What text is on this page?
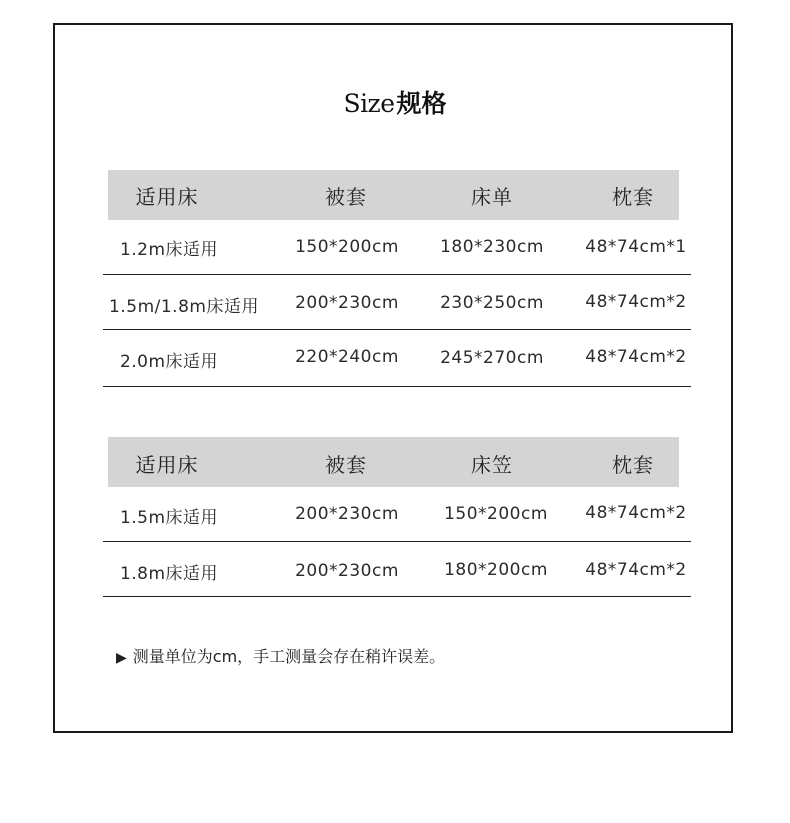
Size规格
适用床	被套	床单	枕套
1.2m床适用	150*200cm 180*230cm 48*74cm*1
1.5m/1.8m床适用 200*230cm 230*250cm 48*74cm*2
2.0m床适用	220*240cm 245*270cm 48*74cm*2
适用床	被套	床笠	枕套
1.5m床适用	200*230cm	150*200cm 48*74cm*2
1.8m床适用	200*230cm	180*200cm 48*74cm*2
▶ 测量单位为cm，手工测量会存在稍许误差。
